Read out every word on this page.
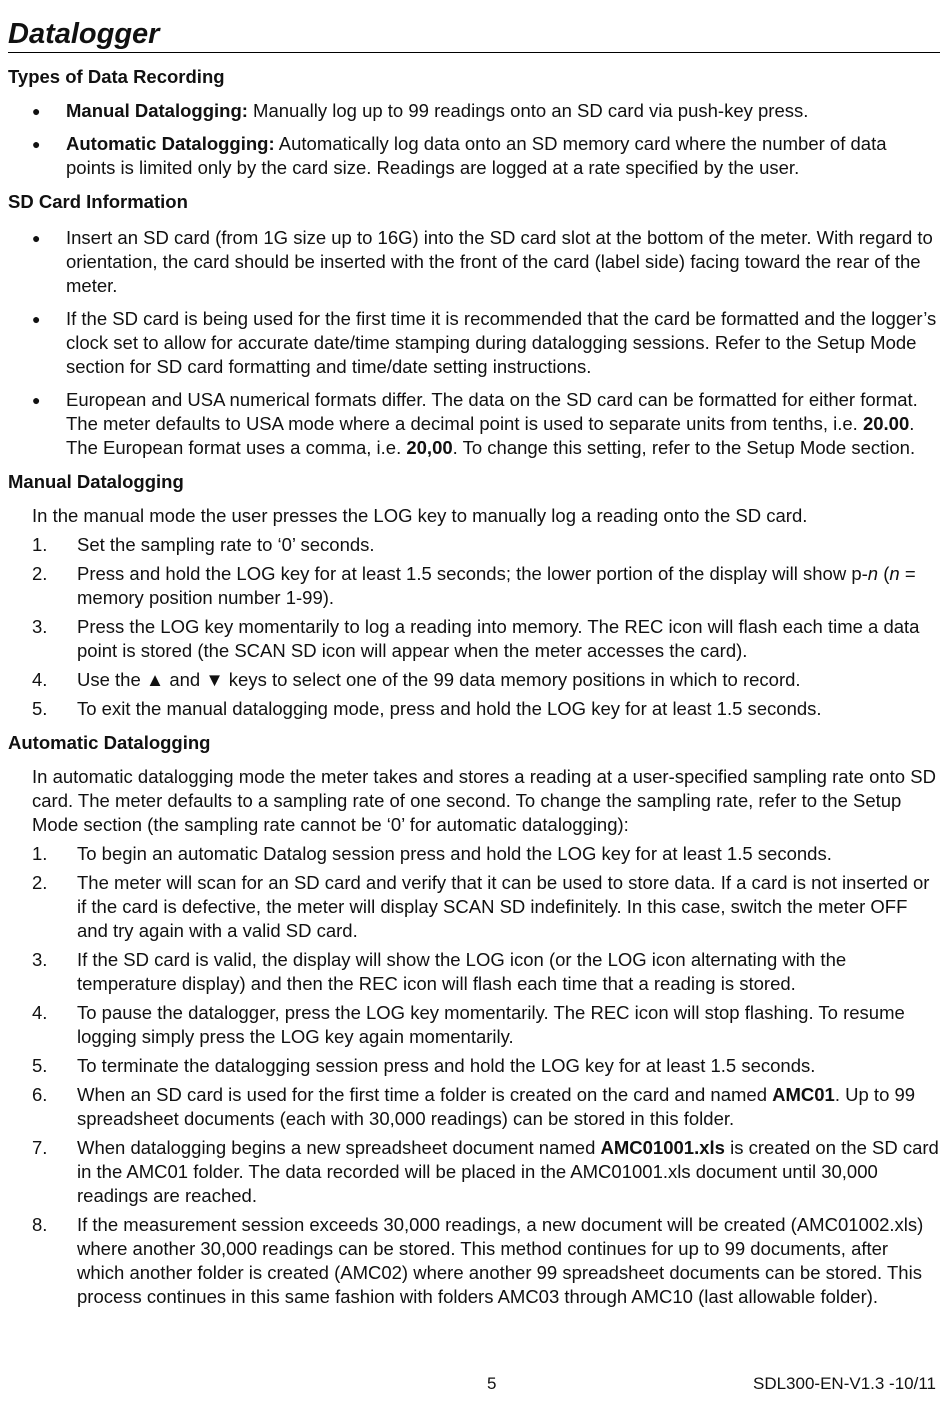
Datalogger
Types of Data Recording
● Manual Datalogging: Manually log up to 99 readings onto an SD card via push-key press.
● Automatic Datalogging: Automatically log data onto an SD memory card where the number of data points is limited only by the card size. Readings are logged at a rate specified by the user.
SD Card Information
● Insert an SD card (from 1G size up to 16G) into the SD card slot at the bottom of the meter. With regard to orientation, the card should be inserted with the front of the card (label side) facing toward the rear of the meter.
● If the SD card is being used for the first time it is recommended that the card be formatted and the logger’s clock set to allow for accurate date/time stamping during datalogging sessions. Refer to the Setup Mode section for SD card formatting and time/date setting instructions.
● European and USA numerical formats differ. The data on the SD card can be formatted for either format. The meter defaults to USA mode where a decimal point is used to separate units from tenths, i.e. 20.00. The European format uses a comma, i.e. 20,00. To change this setting, refer to the Setup Mode section.
Manual Datalogging

In the manual mode the user presses the LOG key to manually log a reading onto the SD card.

1. Set the sampling rate to ‘0’ seconds.
2. Press and hold the LOG key for at least 1.5 seconds; the lower portion of the display will show p-n (n = memory position number 1-99).
3. Press the LOG key momentarily to log a reading into memory. The REC icon will flash each time a data point is stored (the SCAN SD icon will appear when the meter accesses the card).
4. Use the ▲ and ▼ keys to select one of the 99 data memory positions in which to record.
5. To exit the manual datalogging mode, press and hold the LOG key for at least 1.5 seconds.
Automatic Datalogging

In automatic datalogging mode the meter takes and stores a reading at a user-specified sampling rate onto SD card. The meter defaults to a sampling rate of one second. To change the sampling rate, refer to the Setup Mode section (the sampling rate cannot be ‘0’ for automatic datalogging):

1. To begin an automatic Datalog session press and hold the LOG key for at least 1.5 seconds.
2. The meter will scan for an SD card and verify that it can be used to store data. If a card is not inserted or if the card is defective, the meter will display SCAN SD indefinitely. In this case, switch the meter OFF and try again with a valid SD card.
3. If the SD card is valid, the display will show the LOG icon (or the LOG icon alternating with the temperature display) and then the REC icon will flash each time that a reading is stored.
4. To pause the datalogger, press the LOG key momentarily. The REC icon will stop flashing. To resume logging simply press the LOG key again momentarily.
5. To terminate the datalogging session press and hold the LOG key for at least 1.5 seconds.
6. When an SD card is used for the first time a folder is created on the card and named AMC01. Up to 99 spreadsheet documents (each with 30,000 readings) can be stored in this folder.
7. When datalogging begins a new spreadsheet document named AMC01001.xls is created on the SD card in the AMC01 folder. The data recorded will be placed in the AMC01001.xls document until 30,000 readings are reached.
8. If the measurement session exceeds 30,000 readings, a new document will be created (AMC01002.xls) where another 30,000 readings can be stored. This method continues for up to 99 documents, after which another folder is created (AMC02) where another 99 spreadsheet documents can be stored. This process continues in this same fashion with folders AMC03 through AMC10 (last allowable folder).
5	SDL300-EN-V1.3 -10/11
